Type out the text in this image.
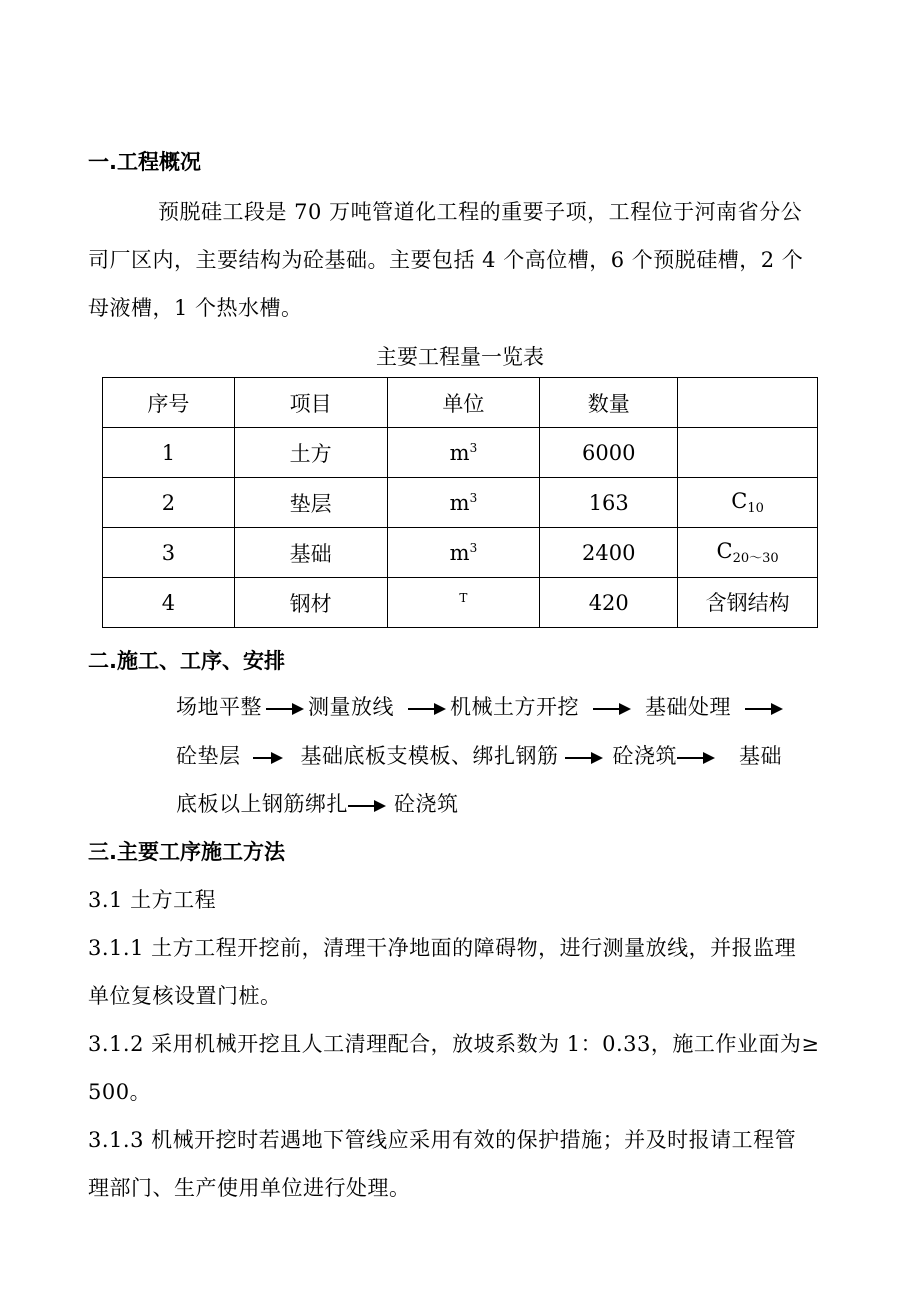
一.工程概况
预脱硅工段是 70 万吨管道化工程的重要子项，工程位于河南省分公
司厂区内，主要结构为砼基础。主要包括 4 个高位槽，6 个预脱硅槽，2 个
母液槽，1 个热水槽。
主要工程量一览表
序号	项目	单位	数量	
1	土方	$m^3$	6000	
2	垫层	$m^3$	163	$C_{10}$
3	基础	$m^3$	2400	$C_{20\sim 30}$
4	钢材	$^T$	420	含钢结构
二.施工、工序、安排
场地平整 测量放线	机械土方开挖	基础处理
砼垫层	基础底板支模板、绑扎钢筋	砼浇筑	基础
底板以上钢筋绑扎 砼浇筑
三.主要工序施工方法
3.1 土方工程
3.1.1 土方工程开挖前，清理干净地面的障碍物，进行测量放线，并报监理
单位复核设置门桩。
3.1.2 采用机械开挖且人工清理配合，放坡系数为 1：0.33，施工作业面为≥
500。
3.1.3 机械开挖时若遇地下管线应采用有效的保护措施；并及时报请工程管
理部门、生产使用单位进行处理。
